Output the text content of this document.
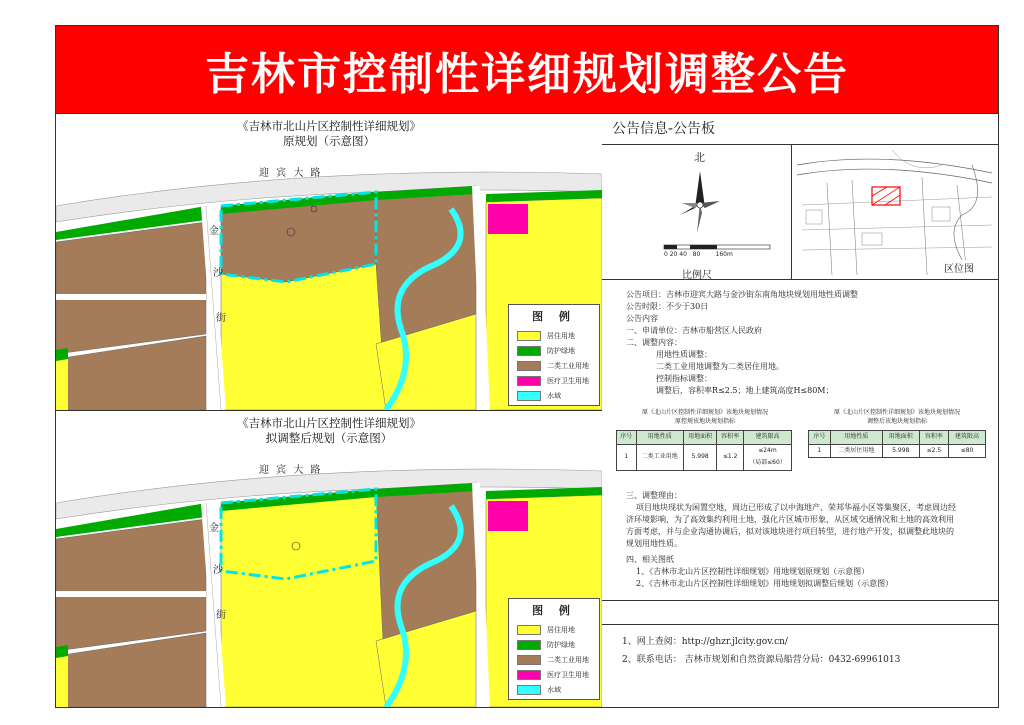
吉林市控制性详细规划调整公告
《吉林市北山片区控制性详细规划》
原规划（示意图）
迎 宾 大 路
金
沙
街	图 例
居住用地
防护绿地
二类工业用地
医疗卫生用地
水域
《吉林市北山片区控制性详细规划》
拟调整后规划（示意图）
迎 宾 大 路
金
沙
街	图 例
居住用地
防护绿地
二类工业用地
医疗卫生用地
水域
公告信息-公告板
北
0 20 40   80        160m
比例尺
区位图
公告项目：吉林市迎宾大路与金沙街东南角地块规划用地性质调整
公告时限：不少于30日
公告内容
一、申请单位：吉林市船营区人民政府
二、调整内容：
用地性质调整：
二类工业用地调整为二类居住用地。
控制指标调整：
调整后，容积率R≤2.5；地上建筑高度H≤80M；
原《北山片区控制性详细规划》该地块规划情况
原控规该地块规划指标
序号	用地性质	用地面积	容积率	建筑限高
1	二类工业用地	5.998	≤1.2	≤24m
（局部≤60）
原《北山片区控制性详细规划》该地块规划情况
调整后该地块规划指标
序号	用地性质	用地面积	容积率	建筑限高
1	二类居住用地	5.998	≤2.5	≤80
三、调整理由：
项目地块现状为闲置空地，周边已形成了以中海地产、荣邦华福小区等集聚区，考虑周边经
济环境影响，为了高效集约利用土地，强化片区城市形象，从区域交通情况和土地的高效利用
方面考虑，并与企业沟通协调后，拟对该地块进行项目转型，进行地产开发，拟调整此地块的
规划用地性质。
四、相关图纸
1、《吉林市北山片区控制性详细规划》用地规划原规划（示意图）
2、《吉林市北山片区控制性详细规划》用地规划拟调整后规划（示意图）
1、网上查阅：http://ghzr.jlcity.gov.cn/
2、联系电话： 吉林市规划和自然资源局船营分局：0432-69961013
